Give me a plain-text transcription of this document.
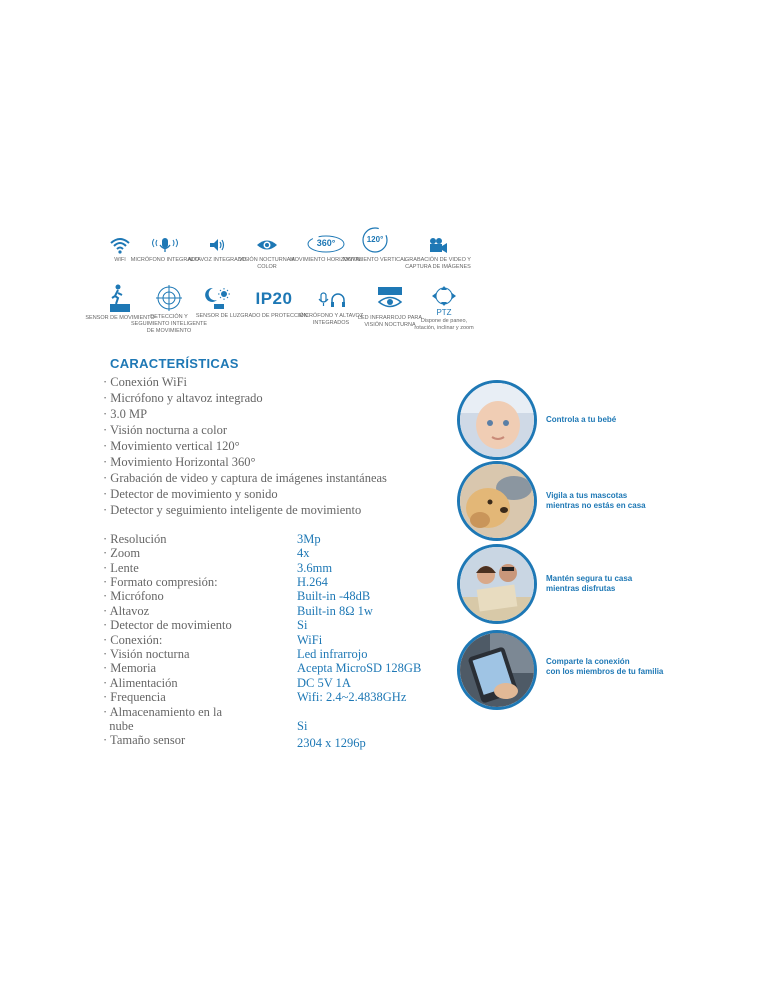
WIFI MICRÓFONO INTEGRADO
ALTAVOZ INTEGRADO
VISIÓN NOCTURNA A COLOR
360°
MOVIMIENTO HORIZONTAL
120°
MOVIMIENTO VERTICAL
GRABACIÓN DE VIDEO Y CAPTURA DE IMÁGENES
SENSOR DE MOVIMIENTO
DETECCIÓN Y SEGUIMIENTO INTELIGENTE DE MOVIMIENTO
SENSOR DE LUZ
IP20
GRADO DE PROTECCIÓN
MICRÓFONO Y ALTAVOZ INTEGRADOS
LED INFRARROJO PARA VISIÓN NOCTURNA
PTZ
Dispone de paneo, rotación, inclinar y zoom
CARACTERÍSTICAS
· Conexión WiFi
· Micrófono y altavoz integrado
· 3.0 MP
· Visión nocturna a color
· Movimiento vertical 120°
· Movimiento Horizontal 360°
· Grabación de video y captura de imágenes instantáneas
· Detector de movimiento y sonido
· Detector y seguimiento inteligente de movimiento
· Resolución	3Mp
· Zoom	4x
· Lente	3.6mm
· Formato compresión:	H.264
· Micrófono	Built-in -48dB
· Altavoz	Built-in 8Ω 1w
· Detector de movimiento	Si
· Conexión:	WiFi
· Visión nocturna	Led infrarrojo
· Memoria	Acepta MicroSD 128GB
· Alimentación	DC 5V 1A
· Frequencia	Wifi: 2.4~2.4838GHz
· Almacenamiento en la
nube	Si
· Tamaño sensor	2304 x 1296p
Controla a tu bebé
Vigila a tus mascotas
mientras no estás en casa
Mantén segura tu casa
mientras disfrutas
Comparte la conexión
con los miembros de tu familia
